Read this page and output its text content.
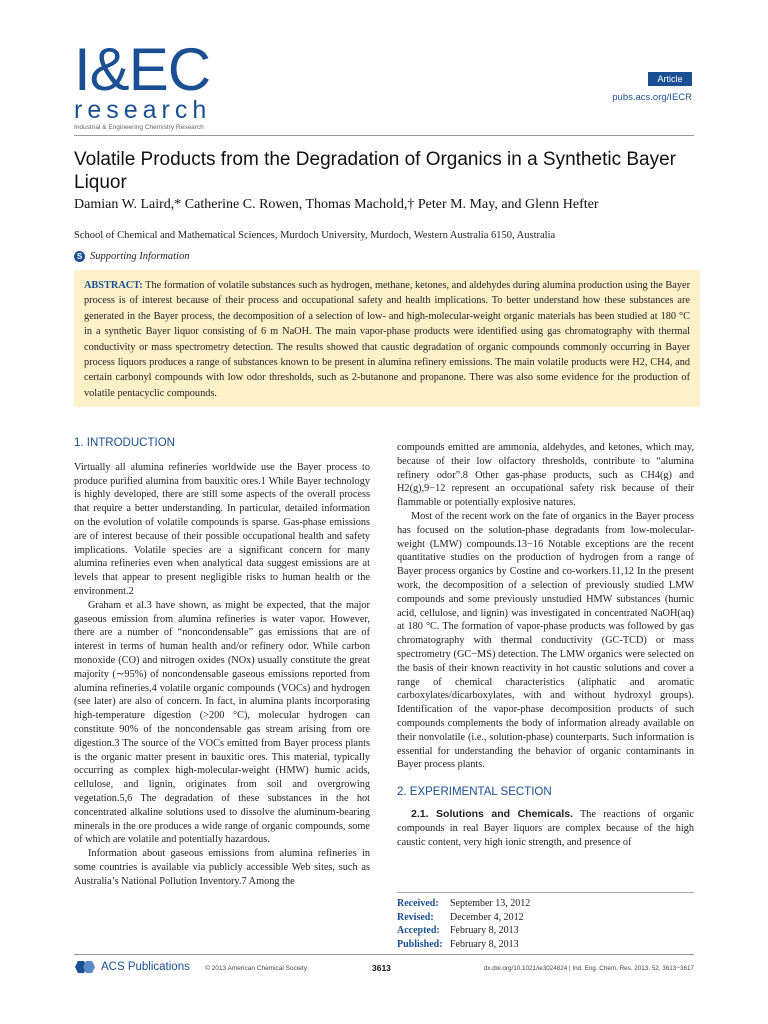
I&EC
research
Industrial & Engineering Chemistry Research
Article
pubs.acs.org/IECR
Volatile Products from the Degradation of Organics in a Synthetic Bayer Liquor
Damian W. Laird,* Catherine C. Rowen, Thomas Machold,† Peter M. May, and Glenn Hefter
School of Chemical and Mathematical Sciences, Murdoch University, Murdoch, Western Australia 6150, Australia
S Supporting Information
ABSTRACT: The formation of volatile substances such as hydrogen, methane, ketones, and aldehydes during alumina production using the Bayer process is of interest because of their process and occupational safety and health implications. To better understand how these substances are generated in the Bayer process, the decomposition of a selection of low- and high-molecular-weight organic materials has been studied at 180 °C in a synthetic Bayer liquor consisting of 6 m NaOH. The main vapor-phase products were identified using gas chromatography with thermal conductivity or mass spectrometry detection. The results showed that caustic degradation of organic compounds commonly occurring in Bayer process liquors produces a range of substances known to be present in alumina refinery emissions. The main volatile products were H2, CH4, and certain carbonyl compounds with low odor thresholds, such as 2-butanone and propanone. There was also some evidence for the production of volatile pentacyclic compounds.
1. INTRODUCTION

Virtually all alumina refineries worldwide use the Bayer process to produce purified alumina from bauxitic ores.1 While Bayer technology is highly developed, there are still some aspects of the overall process that require a better understanding. In particular, detailed information on the evolution of volatile compounds is sparse. Gas-phase emissions are of interest because of their possible occupational health and safety implications. Volatile species are a significant concern for many alumina refineries even when analytical data suggest emissions are at levels that appear to present negligible risks to human health or the environment.2

Graham et al.3 have shown, as might be expected, that the major gaseous emission from alumina refineries is water vapor. However, there are a number of “noncondensable” gas emissions that are of interest in terms of human health and/or refinery odor. While carbon monoxide (CO) and nitrogen oxides (NOx) usually constitute the great majority (∼95%) of noncondensable gaseous emissions reported from alumina refineries,4 volatile organic compounds (VOCs) and hydrogen (see later) are also of concern. In fact, in alumina plants incorporating high-temperature digestion (>200 °C), molecular hydrogen can constitute 90% of the noncondensable gas stream arising from ore digestion.3 The source of the VOCs emitted from Bayer process plants is the organic matter present in bauxitic ores. This material, typically occurring as complex high-molecular-weight (HMW) humic acids, cellulose, and lignin, originates from soil and overgrowing vegetation.5,6 The degradation of these substances in the hot concentrated alkaline solutions used to dissolve the aluminum-bearing minerals in the ore produces a wide range of organic compounds, some of which are volatile and potentially hazardous.

Information about gaseous emissions from alumina refineries in some countries is available via publicly accessible Web sites, such as Australia’s National Pollution Inventory.7 Among the

compounds emitted are ammonia, aldehydes, and ketones, which may, because of their low olfactory thresholds, contribute to “alumina refinery odor”.8 Other gas-phase products, such as CH4(g) and H2(g),9−12 represent an occupational safety risk because of their flammable or potentially explosive natures.

Most of the recent work on the fate of organics in the Bayer process has focused on the solution-phase degradants from low-molecular-weight (LMW) compounds.13−16 Notable exceptions are the recent quantitative studies on the production of hydrogen from a range of Bayer process organics by Costine and co-workers.11,12 In the present work, the decomposition of a selection of previously studied LMW compounds and some previously unstudied HMW substances (humic acid, cellulose, and lignin) was investigated in concentrated NaOH(aq) at 180 °C. The formation of vapor-phase products was followed by gas chromatography with thermal conductivity (GC-TCD) or mass spectrometry (GC−MS) detection. The LMW organics were selected on the basis of their known reactivity in hot caustic solutions and cover a range of chemical characteristics (aliphatic and aromatic carboxylates/dicarboxylates, with and without hydroxyl groups). Identification of the vapor-phase decomposition products of such compounds complements the body of information already available on their nonvolatile (i.e., solution-phase) counterparts. Such information is essential for understanding the behavior of organic contaminants in Bayer process plants.

2. EXPERIMENTAL SECTION

2.1. Solutions and Chemicals. The reactions of organic compounds in real Bayer liquors are complex because of the high caustic content, very high ionic strength, and presence of

Received:	September 13, 2012
Revised:	December 4, 2012
Accepted:	February 8, 2013
Published: February 8, 2013
ACS Publications © 2013 American Chemical Society	3613	dx.doi.org/10.1021/ie3024824 | Ind. Eng. Chem. Res. 2013, 52, 3613−3617
